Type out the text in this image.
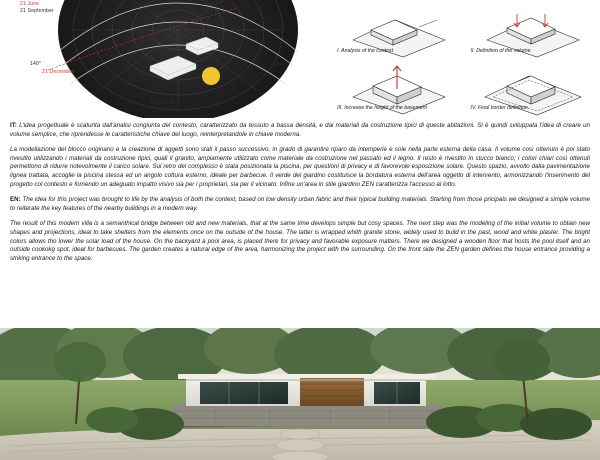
21 June
21 September
140°
21 December
140°
SOUTH
I. Analysis of the context	II. Definition of the volume
III. Increase the height of the basement	IV. Final border definition

IT: L'idea progettuale è scaturita dall'analisi congiunta del contesto, caratterizzato da tessuto a bassa densità, e dai materiali da costruzione tipici di queste abitazioni. Si è quindi sviluppata l'idea di creare un volume semplice, che riprendesse le caratteristiche chiave del luogo, reinterpretandole in chiave moderna.

La modellazione del blocco originario e la creazione di aggetti sono stati il passo successivo, in grado di garantire riparo da intemperie e sole nella parte esterna della casa. Il volume così ottenuto è poi stato rivestito utilizzando i materiali da costruzione tipici, quali il granito, ampiamente utilizzato come materiale da costruzione nel passato ed il legno. Il resto è rivestito in stucco bianco; i colori chiari così ottenuti permettono di ridurre notevolmente il carico solare. Sul retro del complesso è stata posizionata la piscina, per questioni di privacy e di favorevole esposizione solare. Questo spazio, avvolto dalla pavimentazione lignea trattata, accoglie la piscina stessa ed un angolo cottura esterno, ideale per barbecue. Il verde del giardino costituisce la bordatura esterna dell'area oggetto di intervento, armonizzando l'inserimento del progetto col contesto e fornendo un adeguato impatto visivo sia per i proprietari, sia per il vicinato. Infine un'area in stile giardino ZEN caratterizza l'accesso al lotto.

EN: The idea for this project was brought to life by the analysis of both the context, based on low density urban fabric and their typical building materials. Starting from those pricipals we designed a simple volume to reiterate the key features of the nearby buildings in a modern way.

The result of this modern villa is a semanthical bridge between old and new materials, that at the same time develops simple but cosy spaces. The next step was the modeling of the initial volume to obtain new shapes and projections, ideal to take shelters from the elements once on the outside of the house. The latter is wrapped whith granite stone, widely used to build in the past, wood and white plaster. The bright colors allows tho lower the solar load of the house. On the backyard a pool area, is placed there for privacy and favorable exposure matters. There we designed a wooden floor that hosts the pool itself and an outside cookokg spot, ideal for barbecues. The garden creates a natural edge of the area, harmonizing the project with the surrounding. On the front side the ZEN garden defines the house entrance providing a striking entrance to the space.
